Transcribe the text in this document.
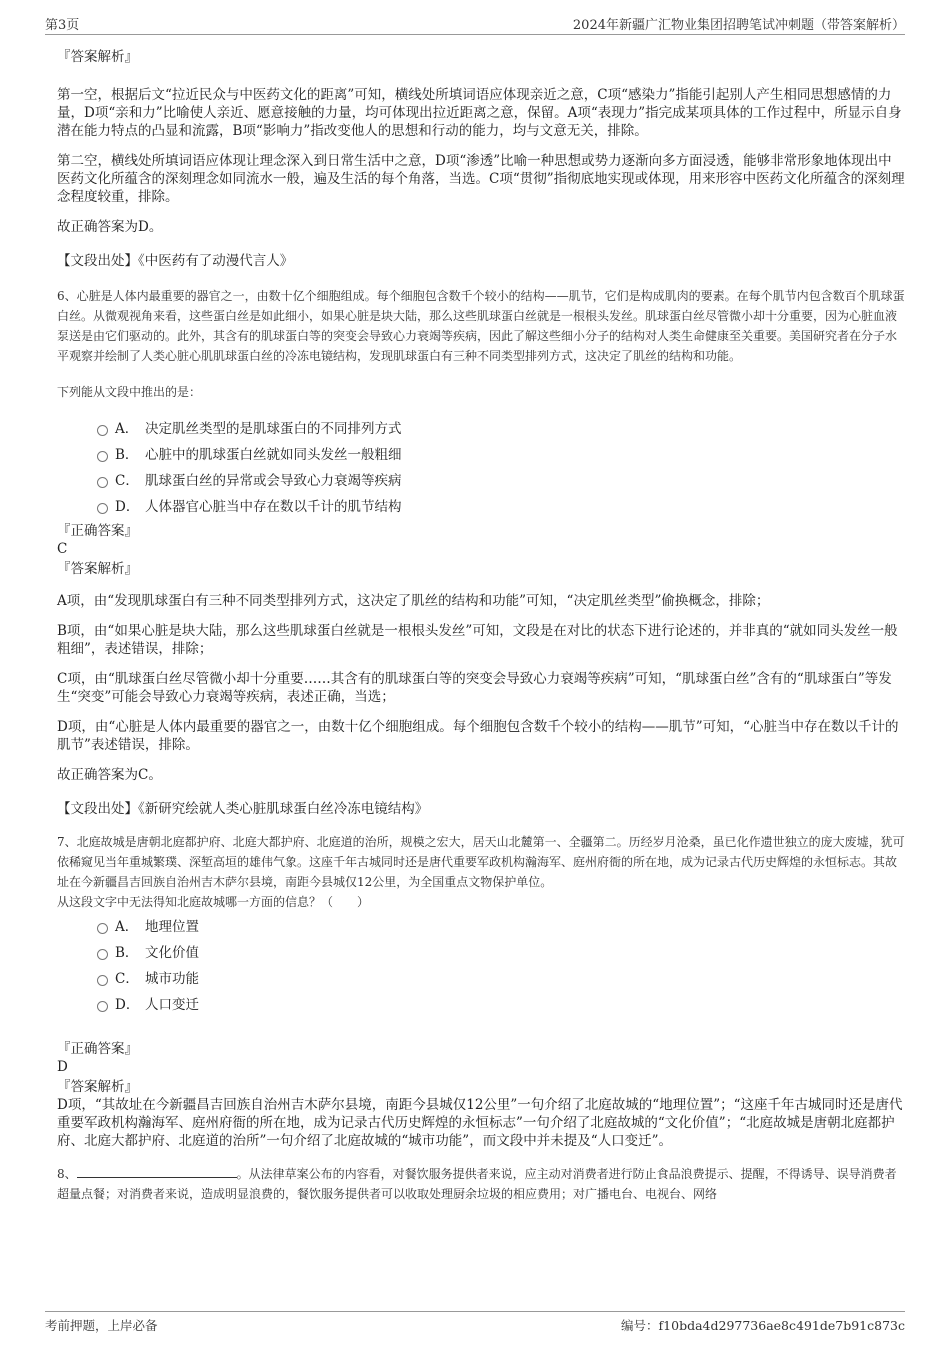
第3页	2024年新疆广汇物业集团招聘笔试冲刺题（带答案解析）

『答案解析』

第一空，根据后文“拉近民众与中医药文化的距离”可知，横线处所填词语应体现亲近之意，C项“感染力”指能引起别人产生相同思想感情的力量，D项“亲和力”比喻使人亲近、愿意接触的力量，均可体现出拉近距离之意，保留。A项“表现力”指完成某项具体的工作过程中，所显示自身潜在能力特点的凸显和流露，B项“影响力”指改变他人的思想和行动的能力，均与文意无关，排除。

第二空，横线处所填词语应体现让理念深入到日常生活中之意，D项“渗透”比喻一种思想或势力逐渐向多方面浸透，能够非常形象地体现出中医药文化所蕴含的深刻理念如同流水一般，遍及生活的每个角落，当选。C项“贯彻”指彻底地实现或体现，用来形容中医药文化所蕴含的深刻理念程度较重，排除。

故正确答案为D。

【文段出处】《中医药有了动漫代言人》

6、心脏是人体内最重要的器官之一，由数十亿个细胞组成。每个细胞包含数千个较小的结构——肌节，它们是构成肌肉的要素。在每个肌节内包含数百个肌球蛋白丝。从微观视角来看，这些蛋白丝是如此细小，如果心脏是块大陆，那么这些肌球蛋白丝就是一根根头发丝。肌球蛋白丝尽管微小却十分重要，因为心脏血液泵送是由它们驱动的。此外，其含有的肌球蛋白等的突变会导致心力衰竭等疾病，因此了解这些细小分子的结构对人类生命健康至关重要。美国研究者在分子水平观察并绘制了人类心脏心肌肌球蛋白丝的冷冻电镜结构，发现肌球蛋白有三种不同类型排列方式，这决定了肌丝的结构和功能。

下列能从文段中推出的是：

A． 决定肌丝类型的是肌球蛋白的不同排列方式
B． 心脏中的肌球蛋白丝就如同头发丝一般粗细
C． 肌球蛋白丝的异常或会导致心力衰竭等疾病
D． 人体器官心脏当中存在数以千计的肌节结构

『正确答案』

C

『答案解析』

A项，由“发现肌球蛋白有三种不同类型排列方式，这决定了肌丝的结构和功能”可知，“决定肌丝类型”偷换概念，排除；

B项，由“如果心脏是块大陆，那么这些肌球蛋白丝就是一根根头发丝”可知，文段是在对比的状态下进行论述的，并非真的“就如同头发丝一般粗细”，表述错误，排除；

C项，由“肌球蛋白丝尽管微小却十分重要……其含有的肌球蛋白等的突变会导致心力衰竭等疾病”可知，“肌球蛋白丝”含有的“肌球蛋白”等发生“突变”可能会导致心力衰竭等疾病，表述正确，当选；

D项，由“心脏是人体内最重要的器官之一，由数十亿个细胞组成。每个细胞包含数千个较小的结构——肌节”可知，“心脏当中存在数以千计的肌节”表述错误，排除。

故正确答案为C。

【文段出处】《新研究绘就人类心脏肌球蛋白丝冷冻电镜结构》

7、北庭故城是唐朝北庭都护府、北庭大都护府、北庭道的治所，规模之宏大，居天山北麓第一、全疆第二。历经岁月沧桑，虽已化作遗世独立的庞大废墟，犹可依稀窥见当年重城繁璞、深堑高垣的雄伟气象。这座千年古城同时还是唐代重要军政机构瀚海军、庭州府衙的所在地，成为记录古代历史辉煌的永恒标志。其故址在今新疆昌吉回族自治州吉木萨尔县境，南距今县城仅12公里，为全国重点文物保护单位。

从这段文字中无法得知北庭故城哪一方面的信息？（　　）

A． 地理位置
B． 文化价值
C． 城市功能
D． 人口变迁

『正确答案』

D

『答案解析』

D项，“其故址在今新疆昌吉回族自治州吉木萨尔县境，南距今县城仅12公里”一句介绍了北庭故城的“地理位置”；“这座千年古城同时还是唐代重要军政机构瀚海军、庭州府衙的所在地，成为记录古代历史辉煌的永恒标志”一句介绍了北庭故城的“文化价值”；“北庭故城是唐朝北庭都护府、北庭大都护府、北庭道的治所”一句介绍了北庭故城的“城市功能”，而文段中并未提及“人口变迁”。

8、	。从法律草案公布的内容看，对餐饮服务提供者来说，应主动对消费者进行防止食品浪费提示、提醒，不得诱导、误导消费者超量点餐；对消费者来说，造成明显浪费的，餐饮服务提供者可以收取处理厨余垃圾的相应费用；对广播电台、电视台、网络

考前押题，上岸必备	编号：f10bda4d297736ae8c491de7b91c873c
